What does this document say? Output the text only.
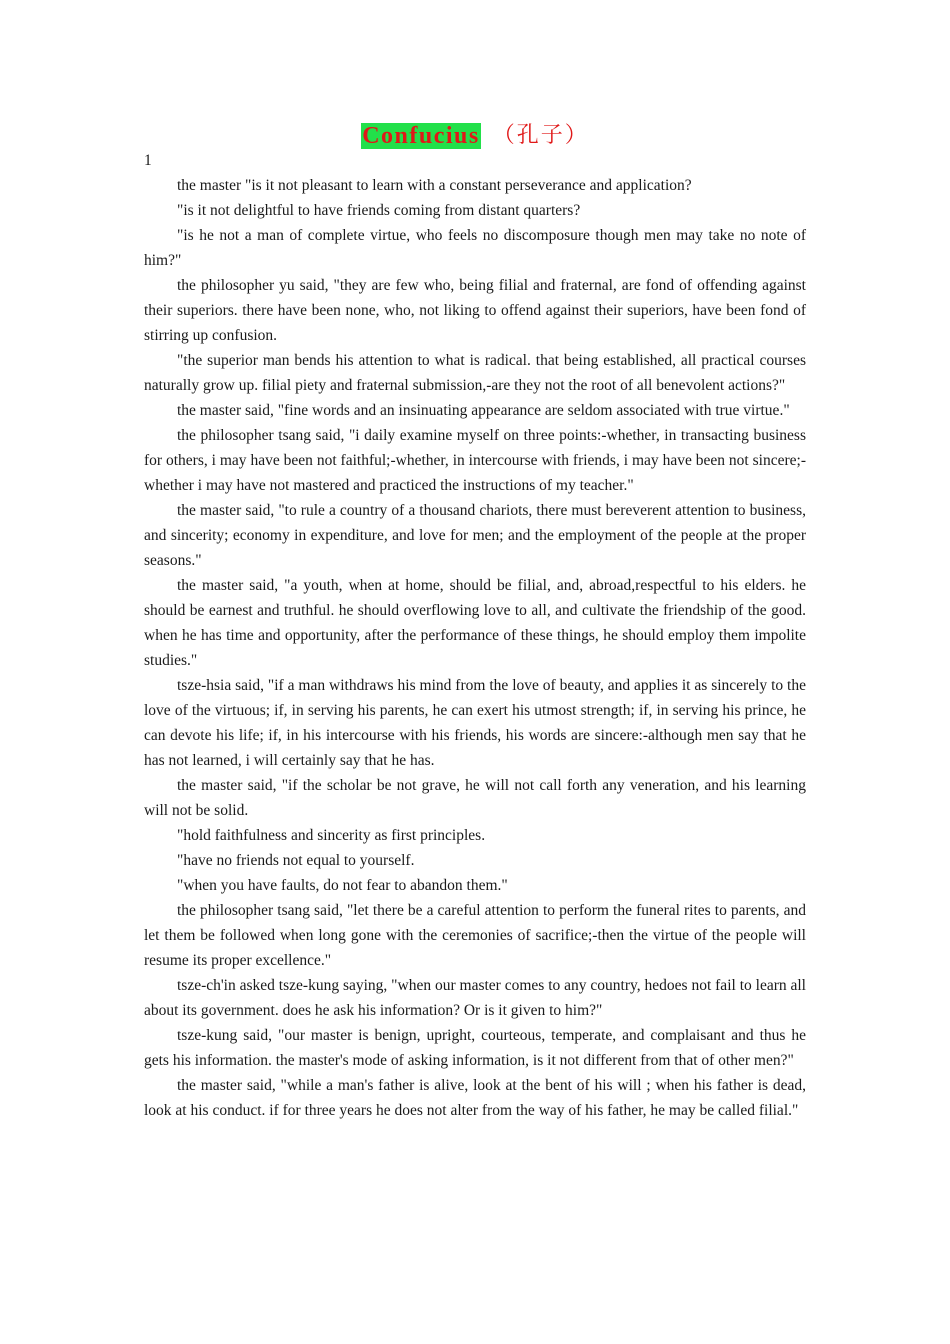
Confucius （孔子）
1

the master "is it not pleasant to learn with a constant perseverance and application?

"is it not delightful to have friends coming from distant quarters?

"is he not a man of complete virtue, who feels no discomposure though men may take no note of him?"

the philosopher yu said, "they are few who, being filial and fraternal, are fond of offending against their superiors. there have been none, who, not liking to offend against their superiors, have been fond of stirring up confusion.

"the superior man bends his attention to what is radical. that being established, all practical courses naturally grow up. filial piety and fraternal submission,-are they not the root of all benevolent actions?"

the master said, "fine words and an insinuating appearance are seldom associated with true virtue."

the philosopher tsang said, "i daily examine myself on three points:-whether, in transacting business for others, i may have been not faithful;-whether, in intercourse with friends, i may have been not sincere;-whether i may have not mastered and practiced the instructions of my teacher."

the master said, "to rule a country of a thousand chariots, there must bereverent attention to business, and sincerity; economy in expenditure, and love for men; and the employment of the people at the proper seasons."

the master said, "a youth, when at home, should be filial, and, abroad,respectful to his elders. he should be earnest and truthful. he should overflowing love to all, and cultivate the friendship of the good. when he has time and opportunity, after the performance of these things, he should employ them impolite studies."

tsze-hsia said, "if a man withdraws his mind from the love of beauty, and applies it as sincerely to the love of the virtuous; if, in serving his parents, he can exert his utmost strength; if, in serving his prince, he can devote his life; if, in his intercourse with his friends, his words are sincere:-although men say that he has not learned, i will certainly say that he has.

the master said, "if the scholar be not grave, he will not call forth any veneration, and his learning will not be solid.

"hold faithfulness and sincerity as first principles.

"have no friends not equal to yourself.

"when you have faults, do not fear to abandon them."

the philosopher tsang said, "let there be a careful attention to perform the funeral rites to parents, and let them be followed when long gone with the ceremonies of sacrifice;-then the virtue of the people will resume its proper excellence."

tsze-ch'in asked tsze-kung saying, "when our master comes to any country, hedoes not fail to learn all about its government. does he ask his information? Or is it given to him?"

tsze-kung said, "our master is benign, upright, courteous, temperate, and complaisant and thus he gets his information. the master's mode of asking information, is it not different from that of other men?"

the master said, "while a man's father is alive, look at the bent of his will ; when his father is dead, look at his conduct. if for three years he does not alter from the way of his father, he may be called filial."
